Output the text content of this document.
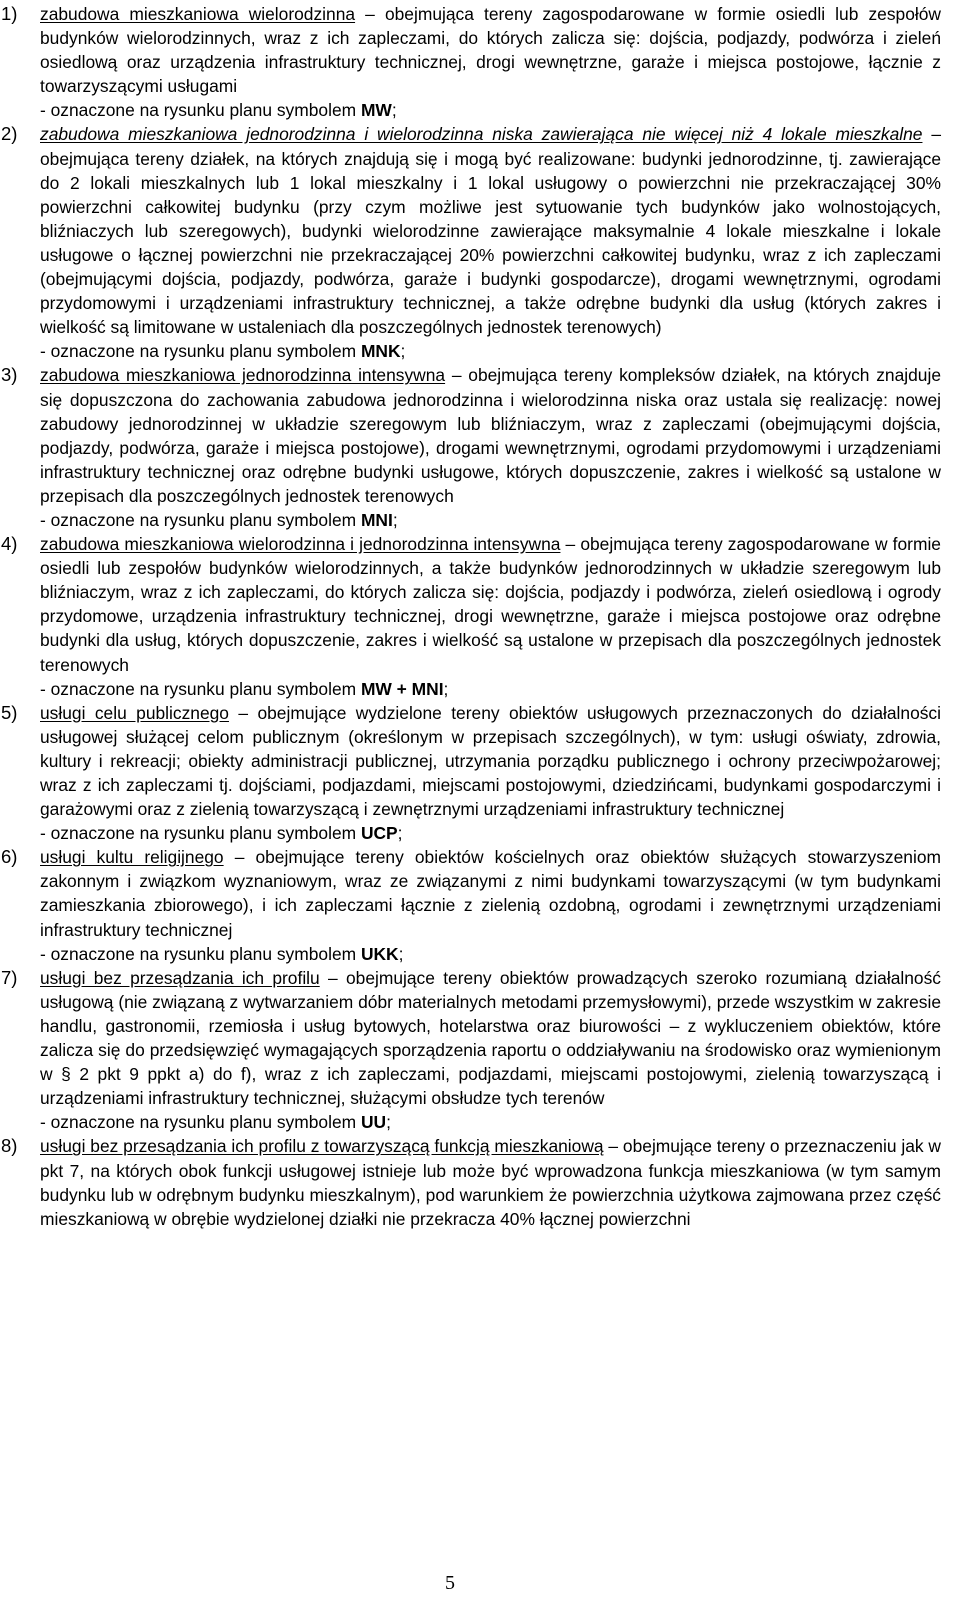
1) zabudowa mieszkaniowa wielorodzinna – obejmująca tereny zagospodarowane w formie osiedli lub zespołów budynków wielorodzinnych, wraz z ich zapleczami, do których zalicza się: dojścia, podjazdy, podwórza i zieleń osiedlową oraz urządzenia infrastruktury technicznej, drogi wewnętrzne, garaże i miejsca postojowe, łącznie z towarzyszącymi usługami
- oznaczone na rysunku planu symbolem MW;
2) zabudowa mieszkaniowa jednorodzinna i wielorodzinna niska zawierająca nie więcej niż 4 lokale mieszkalne – obejmująca tereny działek, na których znajdują się i mogą być realizowane: budynki jednorodzinne, tj. zawierające do 2 lokali mieszkalnych lub 1 lokal mieszkalny i 1 lokal usługowy o powierzchni nie przekraczającej 30% powierzchni całkowitej budynku (przy czym możliwe jest sytuowanie tych budynków jako wolnostojących, bliźniaczych lub szeregowych), budynki wielorodzinne zawierające maksymalnie 4 lokale mieszkalne i lokale usługowe o łącznej powierzchni nie przekraczającej 20% powierzchni całkowitej budynku, wraz z ich zapleczami (obejmującymi dojścia, podjazdy, podwórza, garaże i budynki gospodarcze), drogami wewnętrznymi, ogrodami przydomowymi i urządzeniami infrastruktury technicznej, a także odrębne budynki dla usług (których zakres i wielkość są limitowane w ustaleniach dla poszczególnych jednostek terenowych)
- oznaczone na rysunku planu symbolem MNK;
3) zabudowa mieszkaniowa jednorodzinna intensywna – obejmująca tereny kompleksów działek, na których znajduje się dopuszczona do zachowania zabudowa jednorodzinna i wielorodzinna niska oraz ustala się realizację: nowej zabudowy jednorodzinnej w układzie szeregowym lub bliźniaczym, wraz z zapleczami (obejmującymi dojścia, podjazdy, podwórza, garaże i miejsca postojowe), drogami wewnętrznymi, ogrodami przydomowymi i urządzeniami infrastruktury technicznej oraz odrębne budynki usługowe, których dopuszczenie, zakres i wielkość są ustalone w przepisach dla poszczególnych jednostek terenowych
- oznaczone na rysunku planu symbolem MNI;
4) zabudowa mieszkaniowa wielorodzinna i jednorodzinna intensywna – obejmująca tereny zagospodarowane w formie osiedli lub zespołów budynków wielorodzinnych, a także budynków jednorodzinnych w układzie szeregowym lub bliźniaczym, wraz z ich zapleczami, do których zalicza się: dojścia, podjazdy i podwórza, zieleń osiedlową i ogrody przydomowe, urządzenia infrastruktury technicznej, drogi wewnętrzne, garaże i miejsca postojowe oraz odrębne budynki dla usług, których dopuszczenie, zakres i wielkość są ustalone w przepisach dla poszczególnych jednostek terenowych
- oznaczone na rysunku planu symbolem MW + MNI;
5) usługi celu publicznego – obejmujące wydzielone tereny obiektów usługowych przeznaczonych do działalności usługowej służącej celom publicznym (określonym w przepisach szczególnych), w tym: usługi oświaty, zdrowia, kultury i rekreacji; obiekty administracji publicznej, utrzymania porządku publicznego i ochrony przeciwpożarowej; wraz z ich zapleczami tj. dojściami, podjazdami, miejscami postojowymi, dziedzińcami, budynkami gospodarczymi i garażowymi oraz z zielenią towarzyszącą i zewnętrznymi urządzeniami infrastruktury technicznej
- oznaczone na rysunku planu symbolem UCP;
6) usługi kultu religijnego – obejmujące tereny obiektów kościelnych oraz obiektów służących stowarzyszeniom zakonnym i związkom wyznaniowym, wraz ze związanymi z nimi budynkami towarzyszącymi (w tym budynkami zamieszkania zbiorowego), i ich zapleczami łącznie z zielenią ozdobną, ogrodami i zewnętrznymi urządzeniami infrastruktury technicznej
- oznaczone na rysunku planu symbolem UKK;
7) usługi bez przesądzania ich profilu – obejmujące tereny obiektów prowadzących szeroko rozumianą działalność usługową (nie związaną z wytwarzaniem dóbr materialnych metodami przemysłowymi), przede wszystkim w zakresie handlu, gastronomii, rzemiosła i usług bytowych, hotelarstwa oraz biurowości – z wykluczeniem obiektów, które zalicza się do przedsięwzięć wymagających sporządzenia raportu o oddziaływaniu na środowisko oraz wymienionym w § 2 pkt 9 ppkt a) do f), wraz z ich zapleczami, podjazdami, miejscami postojowymi, zielenią towarzyszącą i urządzeniami infrastruktury technicznej, służącymi obsłudze tych terenów
- oznaczone na rysunku planu symbolem UU;
8) usługi bez przesądzania ich profilu z towarzyszącą funkcją mieszkaniową – obejmujące tereny o przeznaczeniu jak w pkt 7, na których obok funkcji usługowej istnieje lub może być wprowadzona funkcja mieszkaniowa (w tym samym budynku lub w odrębnym budynku mieszkalnym), pod warunkiem że powierzchnia użytkowa zajmowana przez część mieszkaniową w obrębie wydzielonej działki nie przekracza 40% łącznej powierzchni
5
